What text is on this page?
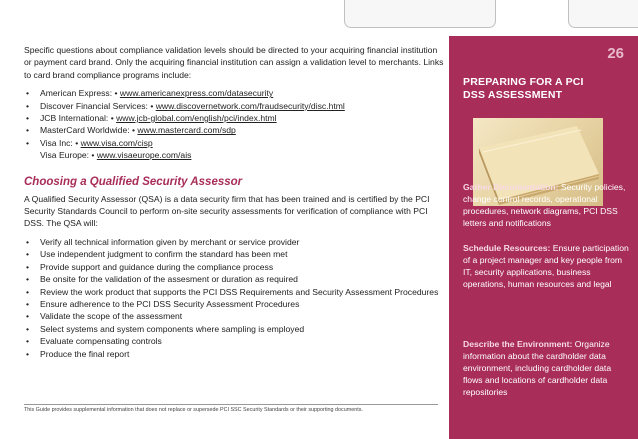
26
PREPARING FOR A PCI
DSS ASSESSMENT
Gather Documentation: Security policies, change control records, operational procedures, network diagrams, PCI DSS letters and notifications
Schedule Resources: Ensure participation of a project manager and key people from IT, security applications, business operations, human resources and legal
Describe the Environment: Organize information about the cardholder data environment, including cardholder data flows and locations of cardholder data repositories

Specific questions about compliance validation levels should be directed to your acquiring financial institution or payment card brand. Only the acquiring financial institution can assign a validation level to merchants. Links to card brand compliance programs include:

• American Express: • www.americanexpress.com/datasecurity
• Discover Financial Services: • www.discovernetwork.com/fraudsecurity/disc.html
• JCB International: • www.jcb-global.com/english/pci/index.html
• MasterCard Worldwide: • www.mastercard.com/sdp
• Visa Inc: • www.visa.com/cisp
Visa Europe: • www.visaeurope.com/ais
Choosing a Qualified Security Assessor

A Qualified Security Assessor (QSA) is a data security firm that has been trained and is certified by the PCI Security Standards Council to perform on-site security assessments for verification of compliance with PCI DSS. The QSA will:

• Verify all technical information given by merchant or service provider
• Use independent judgment to confirm the standard has been met
• Provide support and guidance during the compliance process
• Be onsite for the validation of the assesment or duration as required
• Review the work product that supports the PCI DSS Requirements and Security Assessment Procedures
• Ensure adherence to the PCI DSS Security Assessment Procedures
• Validate the scope of the assessment
• Select systems and system components where sampling is employed
• Evaluate compensating controls
• Produce the final report
This Guide provides supplemental information that does not replace or supersede PCI SSC Security Standards or their supporting documents.
